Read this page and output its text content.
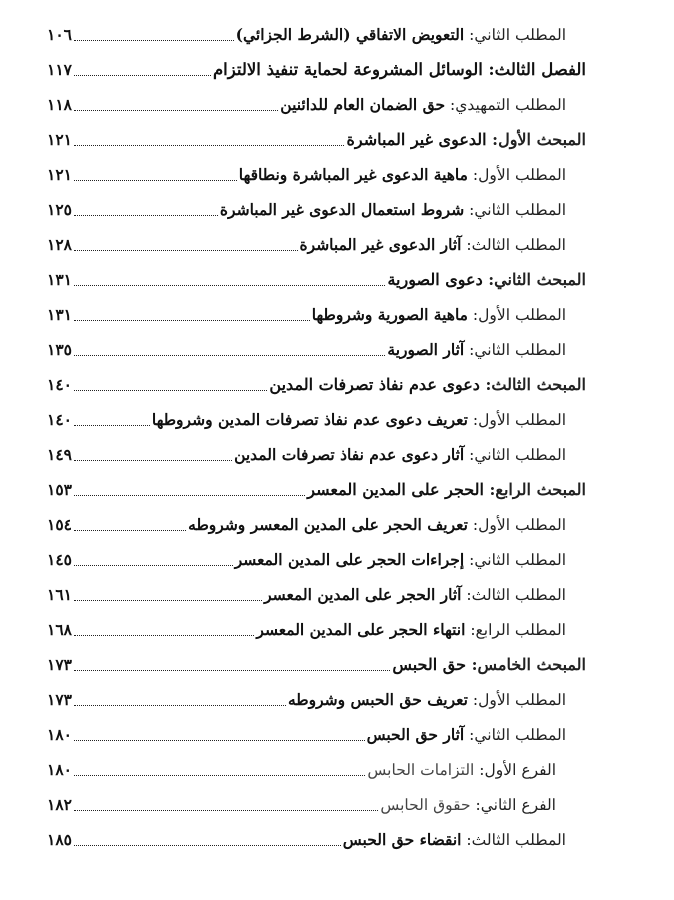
المطلب الثاني: التعويض الاتفاقي (الشرط الجزائي)
١٠٦
الفصل الثالث: الوسائل المشروعة لحماية تنفيذ الالتزام
١١٧
المطلب التمهيدي: حق الضمان العام للدائنين
١١٨
المبحث الأول: الدعوى غير المباشرة
١٢١
المطلب الأول: ماهية الدعوى غير المباشرة ونطاقها
١٢١
المطلب الثاني: شروط استعمال الدعوى غير المباشرة
١٢٥
المطلب الثالث: آثار الدعوى غير المباشرة
١٢٨
المبحث الثاني: دعوى الصورية
١٣١
المطلب الأول: ماهية الصورية وشروطها
١٣١
المطلب الثاني: آثار الصورية
١٣٥
المبحث الثالث: دعوى عدم نفاذ تصرفات المدين
١٤٠
المطلب الأول: تعريف دعوى عدم نفاذ تصرفات المدين وشروطها
١٤٠
المطلب الثاني: آثار دعوى عدم نفاذ تصرفات المدين
١٤٩
المبحث الرابع: الحجر على المدين المعسر
١٥٣
المطلب الأول: تعريف الحجر على المدين المعسر وشروطه
١٥٤
المطلب الثاني: إجراءات الحجر على المدين المعسر
١٤٥
المطلب الثالث: آثار الحجر على المدين المعسر
١٦١
المطلب الرابع: انتهاء الحجر على المدين المعسر
١٦٨
المبحث الخامس: حق الحبس
١٧٣
المطلب الأول: تعريف حق الحبس وشروطه
١٧٣
المطلب الثاني: آثار حق الحبس
١٨٠
الفرع الأول: التزامات الحابس
١٨٠
الفرع الثاني: حقوق الحابس
١٨٢
المطلب الثالث: انقضاء حق الحبس
١٨٥
